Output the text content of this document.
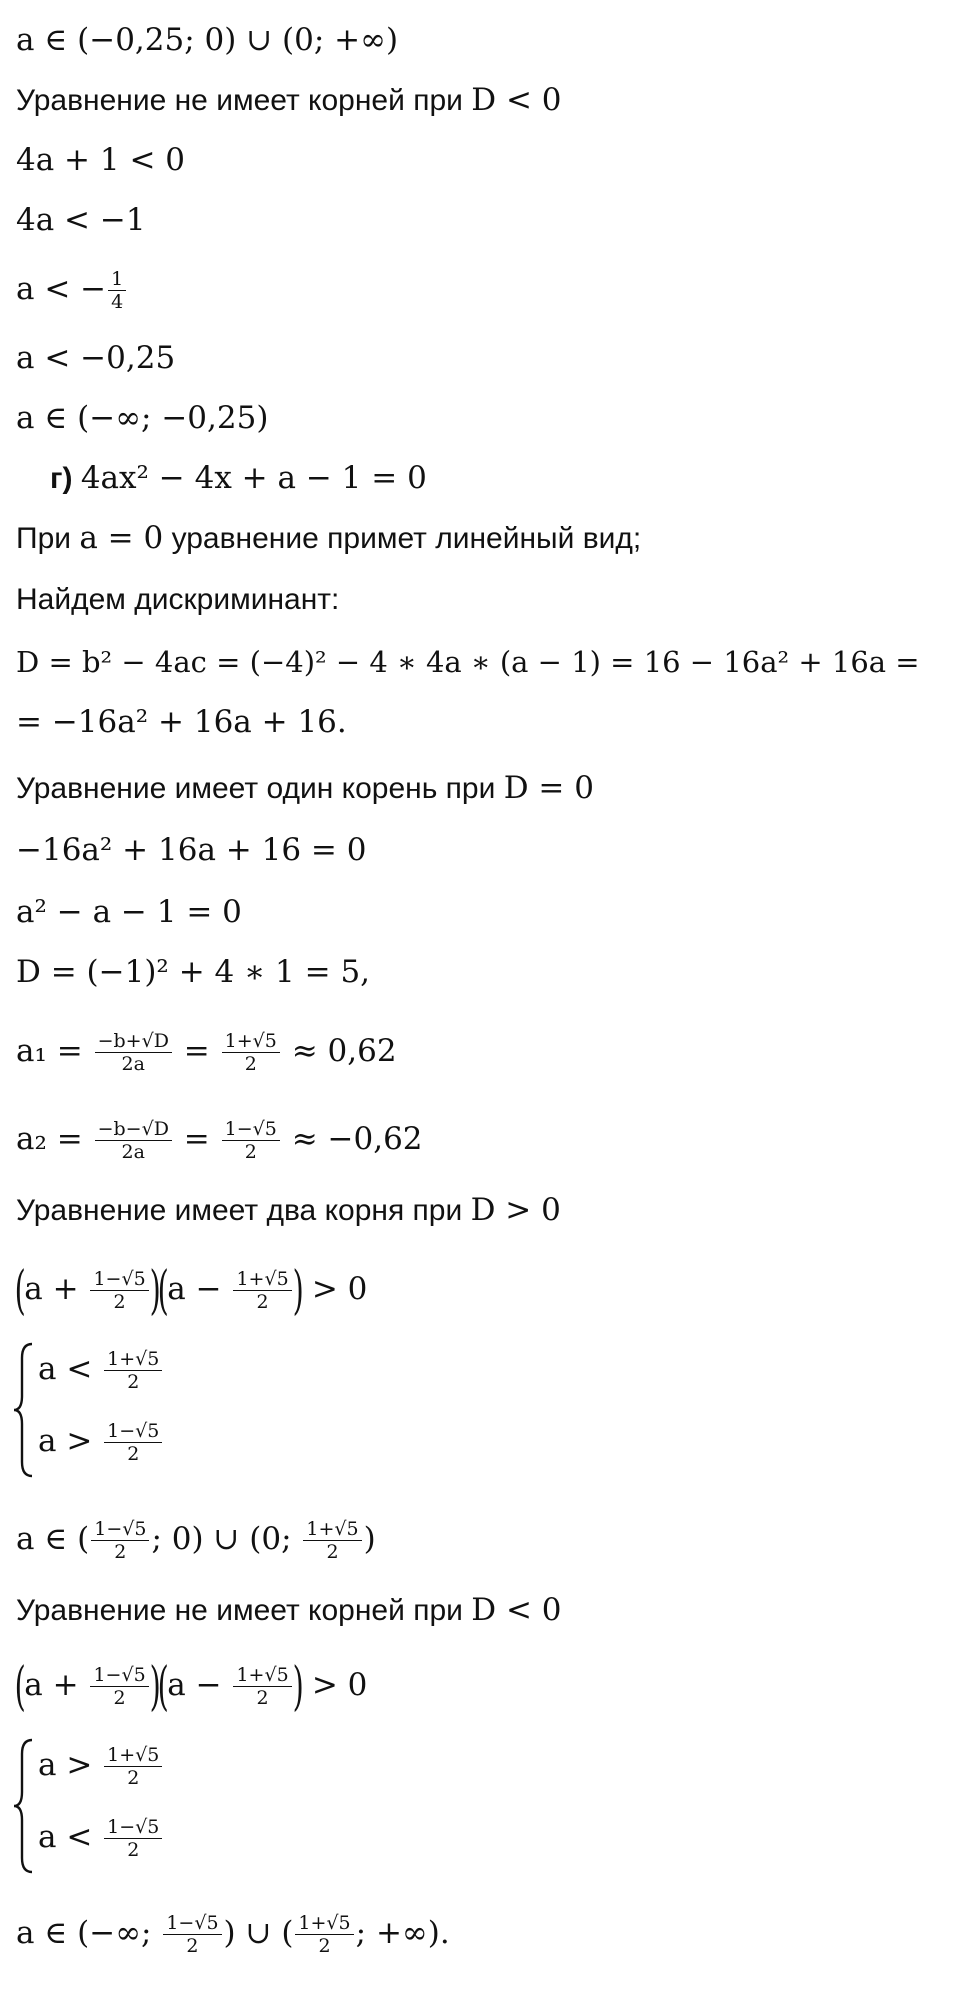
a ∈ (−0,25; 0) ∪ (0; +∞)
Уравнение не имеет корней при D < 0
4a + 1 < 0
4a < −1
a < − $\frac{1}{4}$
a < −0,25
a ∈ (−∞; −0,25)
г) 4ax² − 4x + a − 1 = 0
При a = 0 уравнение примет линейный вид;
Найдем дискриминант:
D = b² − 4ac = (−4)² − 4 ∗ 4a ∗ (a − 1) = 16 − 16a² + 16a =
= −16a² + 16a + 16.
Уравнение имеет один корень при D = 0
−16a² + 16a + 16 = 0
a² − a − 1 = 0
D = (−1)² + 4 ∗ 1 = 5,
$a_1 = \frac{-b+√D}{2a} = \frac{1+√5}{2} \approx 0,62$
$a_2 = \frac{-b-√D}{2a} = \frac{1-√5}{2} \approx -0,62$
Уравнение имеет два корня при D > 0
$(a + \frac{1-√5}{2} )(a - \frac{1+√5}{2}$ ) > 0
$a < \frac{1+√5}{2}$
$a > \frac{1-√5}{2}$
a ∈ ( $\frac{1-√5}{2}$ ; 0) ∪ (0; $\frac{1+√5}{2}$ )
Уравнение не имеет корней при D < 0
$(a + \frac{1-√5}{2} )(a - \frac{1+√5}{2}$ ) > 0
$a > \frac{1+√5}{2}$
$a < \frac{1-√5}{2}$
a ∈ (−∞; $\frac{1-√5}{2}$ ) ∪ ( $\frac{1+√5}{2}$ ; +∞).
